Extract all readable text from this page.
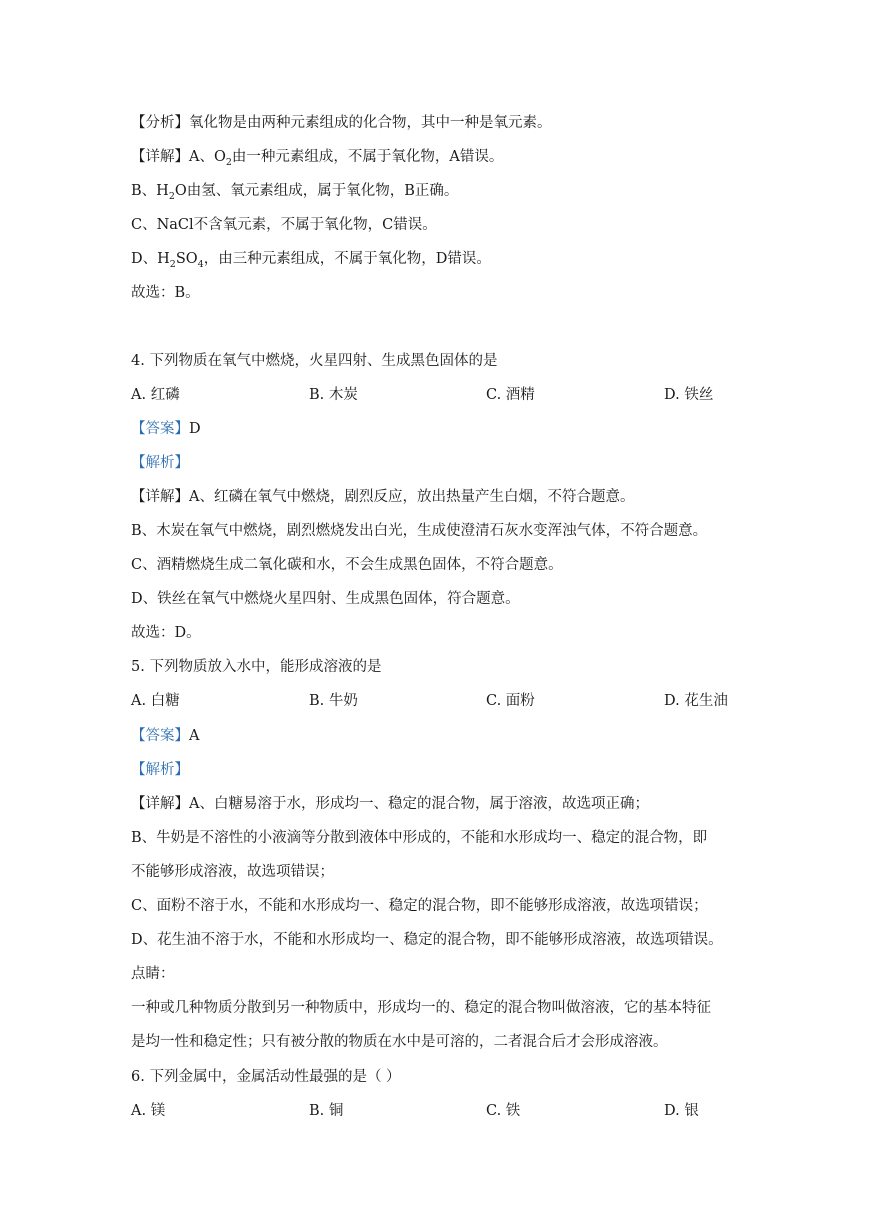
【分析】氧化物是由两种元素组成的化合物，其中一种是氧元素。
【详解】A、$O_2$由一种元素组成，不属于氧化物，A错误。
B、$H_2O$由氢、氧元素组成，属于氧化物，B正确。
C、NaCl不含氧元素，不属于氧化物，C错误。
D、$H_2SO_4$，由三种元素组成，不属于氧化物，D错误。
故选：B。
4. 下列物质在氧气中燃烧，火星四射、生成黑色固体的是
A. 红磷	B. 木炭	C. 酒精	D. 铁丝
【答案】D
【解析】
【详解】A、红磷在氧气中燃烧，剧烈反应，放出热量产生白烟，不符合题意。
B、木炭在氧气中燃烧，剧烈燃烧发出白光，生成使澄清石灰水变浑浊气体，不符合题意。
C、酒精燃烧生成二氧化碳和水，不会生成黑色固体，不符合题意。
D、铁丝在氧气中燃烧火星四射、生成黑色固体，符合题意。
故选：D。
5. 下列物质放入水中，能形成溶液的是
A. 白糖	B. 牛奶	C. 面粉	D. 花生油
【答案】A
【解析】
【详解】A、白糖易溶于水，形成均一、稳定的混合物，属于溶液，故选项正确；
B、牛奶是不溶性的小液滴等分散到液体中形成的，不能和水形成均一、稳定的混合物，即
不能够形成溶液，故选项错误；
C、面粉不溶于水，不能和水形成均一、稳定的混合物，即不能够形成溶液，故选项错误；
D、花生油不溶于水，不能和水形成均一、稳定的混合物，即不能够形成溶液，故选项错误。
点睛：
一种或几种物质分散到另一种物质中，形成均一的、稳定的混合物叫做溶液，它的基本特征
是均一性和稳定性；只有被分散的物质在水中是可溶的，二者混合后才会形成溶液。
6. 下列金属中，金属活动性最强的是（ ）
A. 镁	B. 铜	C. 铁	D. 银
